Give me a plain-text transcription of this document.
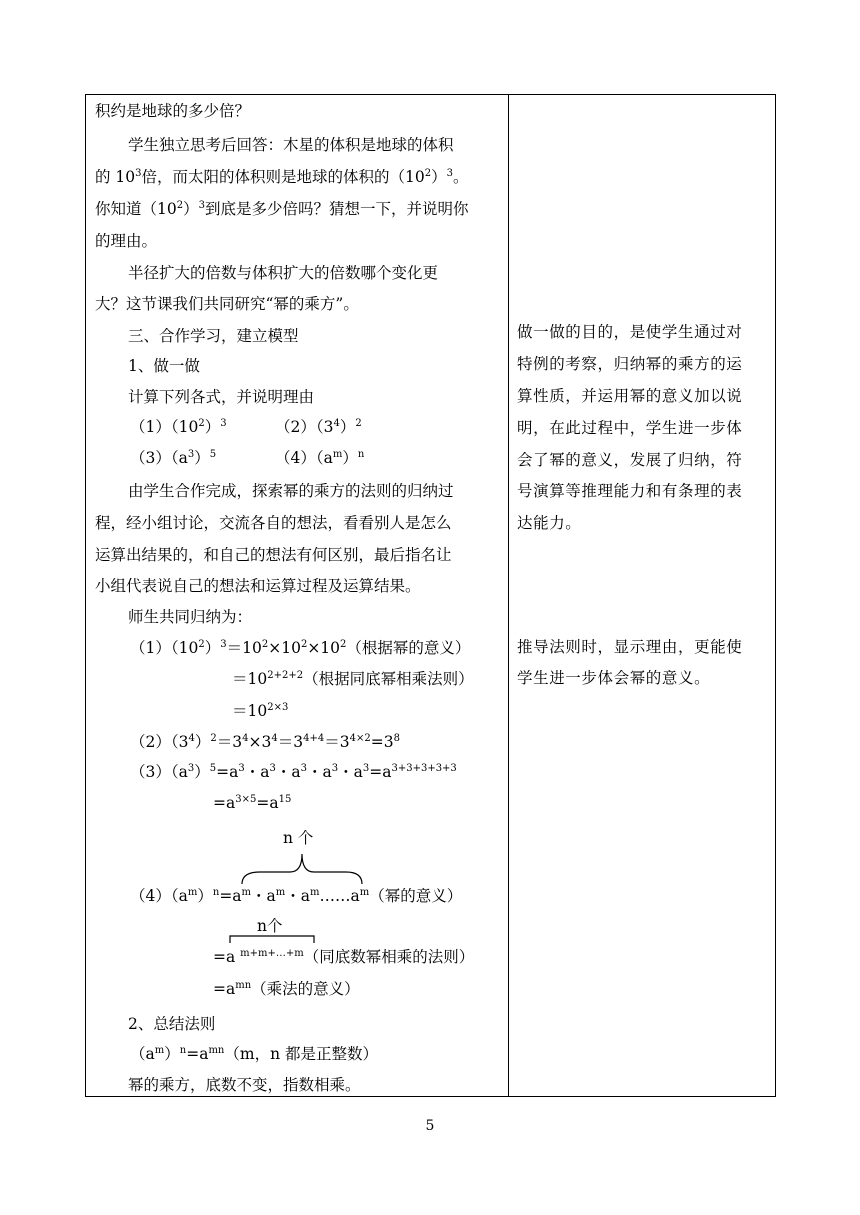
积约是地球的多少倍？
学生独立思考后回答：木星的体积是地球的体积
的 $10^3$倍，而太阳的体积则是地球的体积的$(10^2)^3$。
你知道$(10^2)^3$到底是多少倍吗？猜想一下，并说明你
的理由。
半径扩大的倍数与体积扩大的倍数哪个变化更
大？这节课我们共同研究“幂的乘方”。
三、合作学习，建立模型
1、做一做
计算下列各式，并说明理由
$(1)(10^2)^3$	$(2)(3^4)^2$
$(3)(a^3)^5$	$(4)(a^m)^n$
由学生合作完成，探索幂的乘方的法则的归纳过
程，经小组讨论，交流各自的想法，看看别人是怎么
运算出结果的，和自己的想法有何区别，最后指名让
小组代表说自己的想法和运算过程及运算结果。
师生共同归纳为：
$(1)(10^2)^3=10^2\times 10^2\times 10^2$（根据幂的意义）
$=10^{2+2+2}$（根据同底幂相乘法则）
$=10^{2\times 3}$
$(2)(3^4)^2=3^4\times 3^4=3^{4+4}=3^{4\times 2}=3^8$
$(3)(a^3)^5=a^3$・$a^3$・$a^3$・$a^3$・$a^3=a^{3+3+3+3+3}$
$=a^{3\times 5}=a^{15}$
n 个
$(4)(a^m)^n=a^m$・$a^m$・$a^m\dots\dots a^m$（幂的意义）
n个
=a $^{m+m+\dots+m}$（同底数幂相乘的法则）
$=a^{mn}$（乘法的意义）
2、总结法则
$(a^m)^n=a^{mn}(m$，n 都是正整数）
幂的乘方，底数不变，指数相乘。
做一做的目的，是使学生通过对
特例的考察，归纳幂的乘方的运
算性质，并运用幂的意义加以说
明，在此过程中，学生进一步体
会了幂的意义，发展了归纳，符
号演算等推理能力和有条理的表
达能力。
推导法则时，显示理由，更能使
学生进一步体会幂的意义。
5
